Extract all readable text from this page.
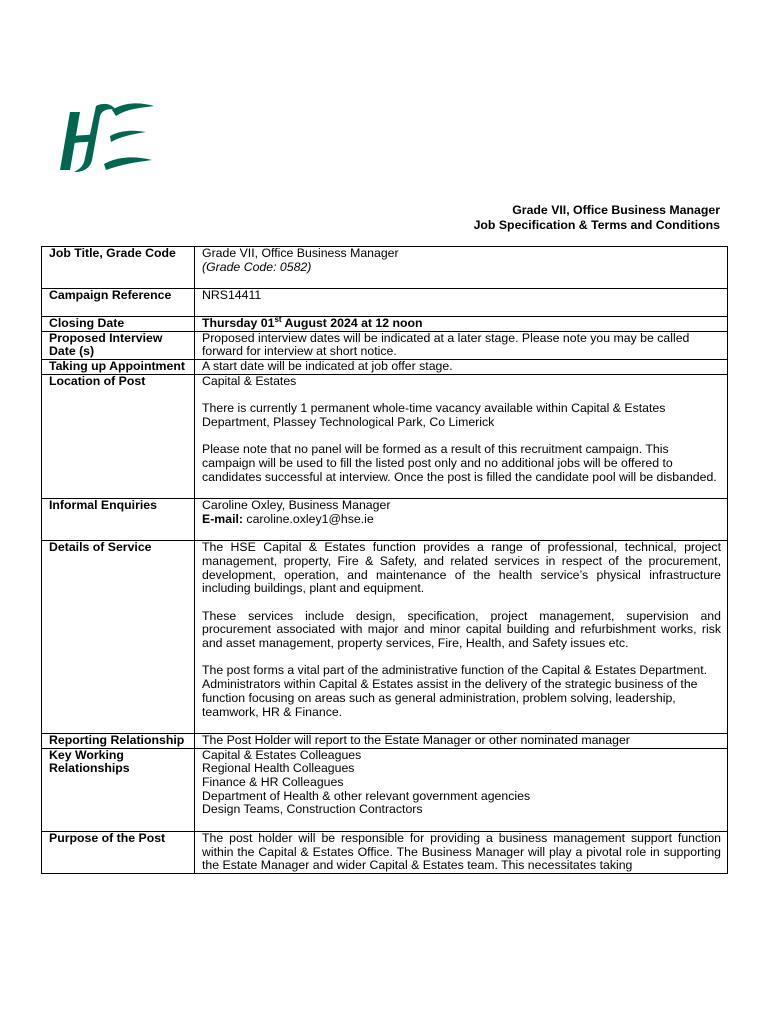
Grade VII, Office Business Manager
Job Specification & Terms and Conditions
Job Title, Grade Code	Grade VII, Office Business Manager
(Grade Code: 0582)

Campaign Reference	NRS14411
Closing Date	Thursday 01st August 2024 at 12 noon
Proposed Interview Date (s)	Proposed interview dates will be indicated at a later stage. Please note you may be called forward for interview at short notice.
Taking up Appointment	A start date will be indicated at job offer stage.
Location of Post	Capital & Estates
There is currently 1 permanent whole-time vacancy available within Capital & Estates Department, Plassey Technological Park, Co Limerick
Please note that no panel will be formed as a result of this recruitment campaign. This campaign will be used to fill the listed post only and no additional jobs will be offered to candidates successful at interview. Once the post is filled the candidate pool will be disbanded.

Informal Enquiries	Caroline Oxley, Business Manager
E-mail: caroline.oxley1@hse.ie

Details of Service	The HSE Capital & Estates function provides a range of professional, technical, project management, property, Fire & Safety, and related services in respect of the procurement, development, operation, and maintenance of the health service’s physical infrastructure including buildings, plant and equipment.
These services include design, specification, project management, supervision and procurement associated with major and minor capital building and refurbishment works, risk and asset management, property services, Fire, Health, and Safety issues etc.
The post forms a vital part of the administrative function of the Capital & Estates Department. Administrators within Capital & Estates assist in the delivery of the strategic business of the function focusing on areas such as general administration, problem solving, leadership, teamwork, HR & Finance.

Reporting Relationship	The Post Holder will report to the Estate Manager or other nominated manager
Key Working Relationships	Capital & Estates Colleagues
Regional Health Colleagues
Finance & HR Colleagues
Department of Health & other relevant government agencies
Design Teams, Construction Contractors

Purpose of the Post	The post holder will be responsible for providing a business management support function within the Capital & Estates Office. The Business Manager will play a pivotal role in supporting the Estate Manager and wider Capital & Estates team. This necessitates taking
